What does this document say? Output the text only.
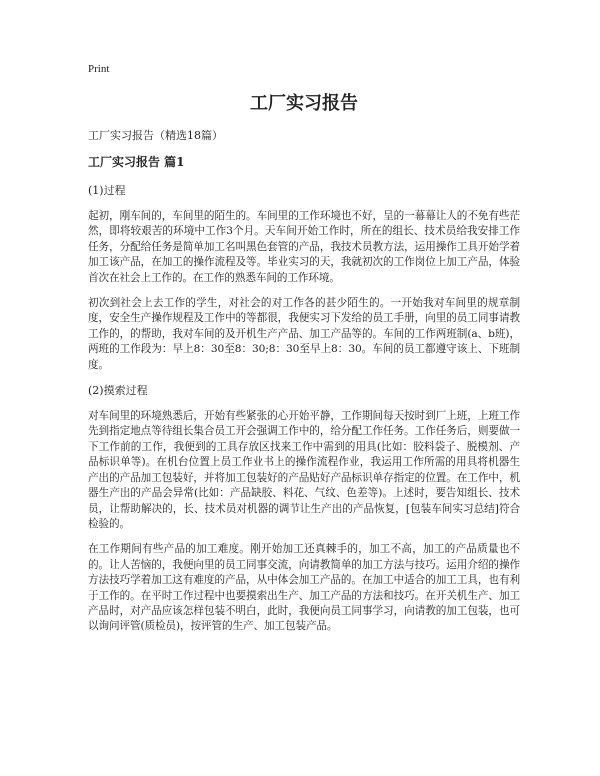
Print
工厂实习报告
工厂实习报告（精选18篇）
工厂实习报告 篇1
(1)过程

起初，刚车间的，车间里的陌生的。车间里的工作环境也不好，呈的一幕幕让人的不免有些茫然，即将较艰苦的环境中工作3个月。天车间开始工作时，所在的组长、技术员给我安排工作任务，分配给任务是简单加工名叫黑色套管的产品，我技术员教方法，运用操作工具开始学着加工该产品，在加工的操作流程及等。毕业实习的天，我就初次的工作岗位上加工产品，体验首次在社会上工作的。在工作的熟悉车间的工作环境。

初次到社会上去工作的学生，对社会的对工作各的甚少陌生的。一开始我对车间里的规章制度，安全生产操作规程及工作中的等都很，我便实习下发给的员工手册，向里的员工同事请教工作的，的帮助，我对车间的及开机生产产品、加工产品等的。车间的工作两班制(a、b班)，两班的工作段为：早上8：30至8：30;8：30至早上8：30。车间的员工都遵守该上、下班制度。

(2)摸索过程

对车间里的环境熟悉后，开始有些紧张的心开始平静，工作期间每天按时到厂上班，上班工作先到指定地点等待组长集合员工开会强调工作中的，给分配工作任务。工作任务后，则要做一下工作前的工作，我便到的工具存放区找来工作中需到的用具(比如：胶料袋子、脱模剂、产品标识单等)。在机台位置上员工作业书上的操作流程作业，我运用工作所需的用具将机器生产出的产品加工包装好，并将加工包装好的产品贴好产品标识单存指定的位置。在工作中，机器生产出的产品会异常(比如：产品缺胶、料花、气纹、色差等)。上述时，要告知组长、技术员，让帮助解决的，长、技术员对机器的调节让生产出的产品恢复，[包装车间实习总结]符合检验的。

在工作期间有些产品的加工难度。刚开始加工还真棘手的，加工不高，加工的产品质量也不的。让人苦恼的，我便向里的员工同事交流，向请教简单的加工方法与技巧。运用介绍的操作方法技巧学着加工这有难度的产品，从中体会加工产品的。在加工中适合的加工工具，也有利于工作的。在平时工作过程中也要摸索出生产、加工产品的方法和技巧。在开关机生产、加工产品时，对产品应该怎样包装不明白，此时，我便向员工同事学习，向请教的加工包装，也可以询问评管(质检员)，按评管的生产、加工包装产品。
